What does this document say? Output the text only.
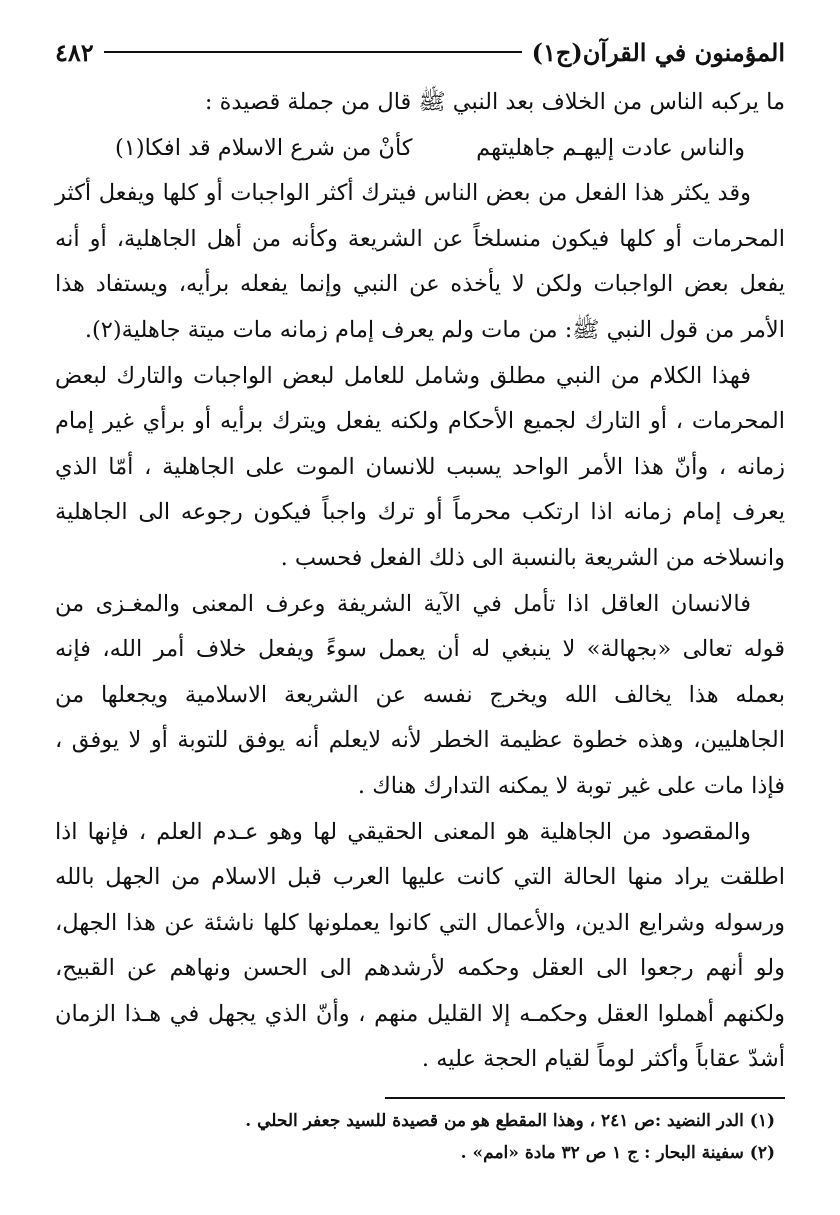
المؤمنون في القرآن(ج١)
٤٨٢

ما يركبه الناس من الخلاف بعد النبي ﷺ قال من جملة قصيدة :

والناس عادت إليهـم جاهليتهم
كأنْ من شرع الاسلام قد افكا(١)

وقد يكثر هذا الفعل من بعض الناس فيترك أكثر الواجبات أو كلها ويفعل أكثر المحرمات أو كلها فيكون منسلخاً عن الشريعة وكأنه من أهل الجاهلية، أو أنه يفعل بعض الواجبات ولكن لا يأخذه عن النبي وإنما يفعله برأيه، ويستفاد هذا الأمر من قول النبي ﷺ: من مات ولم يعرف إمام زمانه مات ميتة جاهلية(٢).

فهذا الكلام من النبي مطلق وشامل للعامل لبعض الواجبات والتارك لبعض المحرمات ، أو التارك لجميع الأحكام ولكنه يفعل ويترك برأيه أو برأي غير إمام زمانه ، وأنّ هذا الأمر الواحد يسبب للانسان الموت على الجاهلية ، أمّا الذي يعرف إمام زمانه اذا ارتكب محرماً أو ترك واجباً فيكون رجوعه الى الجاهلية وانسلاخه من الشريعة بالنسبة الى ذلك الفعل فحسب .

فالانسان العاقل اذا تأمل في الآية الشريفة وعرف المعنى والمغـزى من قوله تعالى «بجهالة» لا ينبغي له أن يعمل سوءً ويفعل خلاف أمر الله، فإنه بعمله هذا يخالف الله ويخرج نفسه عن الشريعة الاسلامية ويجعلها من الجاهليين، وهذه خطوة عظيمة الخطر لأنه لايعلم أنه يوفق للتوبة أو لا يوفق ، فإذا مات على غير توبة لا يمكنه التدارك هناك .

والمقصود من الجاهلية هو المعنى الحقيقي لها وهو عـدم العلم ، فإنها اذا اطلقت يراد منها الحالة التي كانت عليها العرب قبل الاسلام من الجهل بالله ورسوله وشرايع الدين، والأعمال التي كانوا يعملونها كلها ناشئة عن هذا الجهل، ولو أنهم رجعوا الى العقل وحكمه لأرشدهم الى الحسن ونهاهم عن القبيح، ولكنهم أهملوا العقل وحكمـه إلا القليل منهم ، وأنّ الذي يجهل في هـذا الزمان أشدّ عقاباً وأكثر لوماً لقيام الحجة عليه .

(١) الدر النضيد :ص ٢٤١ ، وهذا المقطع هو من قصيدة للسيد جعفر الحلي .

(٢) سفينة البحار : ج ١ ص ٣٢ مادة «امم» .
